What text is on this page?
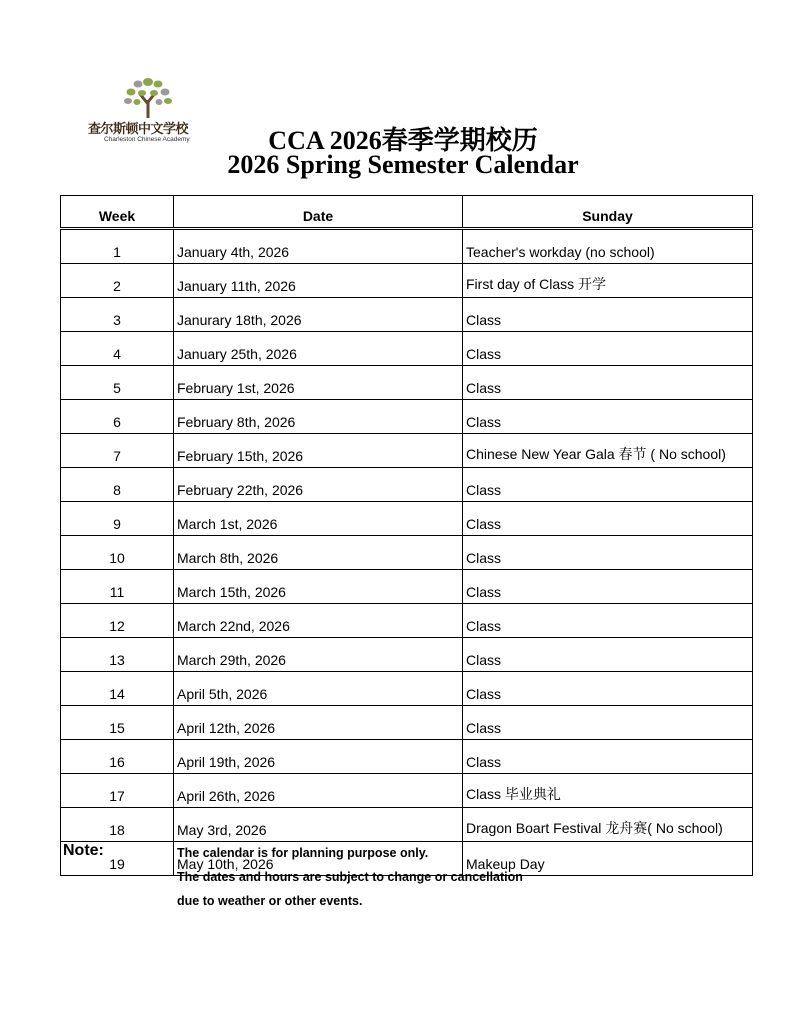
查尔斯顿中文学校
Charleston Chinese Academy	CCA 2026春季学期校历
2026 Spring Semester Calendar
Week	Date	Sunday
1	January 4th, 2026	Teacher's workday (no school)
2	January 11th, 2026	First day of Class 开学
3	Janurary 18th, 2026	Class
4	January 25th, 2026	Class
5	February 1st, 2026	Class
6	February 8th, 2026	Class
7	February 15th, 2026	Chinese New Year Gala 春节 ( No school)
8	February 22th, 2026	Class
9	March 1st, 2026	Class
10	March 8th, 2026	Class
11	March 15th, 2026	Class
12	March 22nd, 2026	Class
13	March 29th, 2026	Class
14	April 5th, 2026	Class
15	April 12th, 2026	Class
16	April 19th, 2026	Class
17	April 26th, 2026	Class 毕业典礼
18	May 3rd, 2026	Dragon Boart Festival 龙舟赛( No school)
19	May 10th, 2026	Makeup Day
Note:	The calendar is for planning purpose only.
The dates and hours are subject to change or cancellation
due to weather or other events.
